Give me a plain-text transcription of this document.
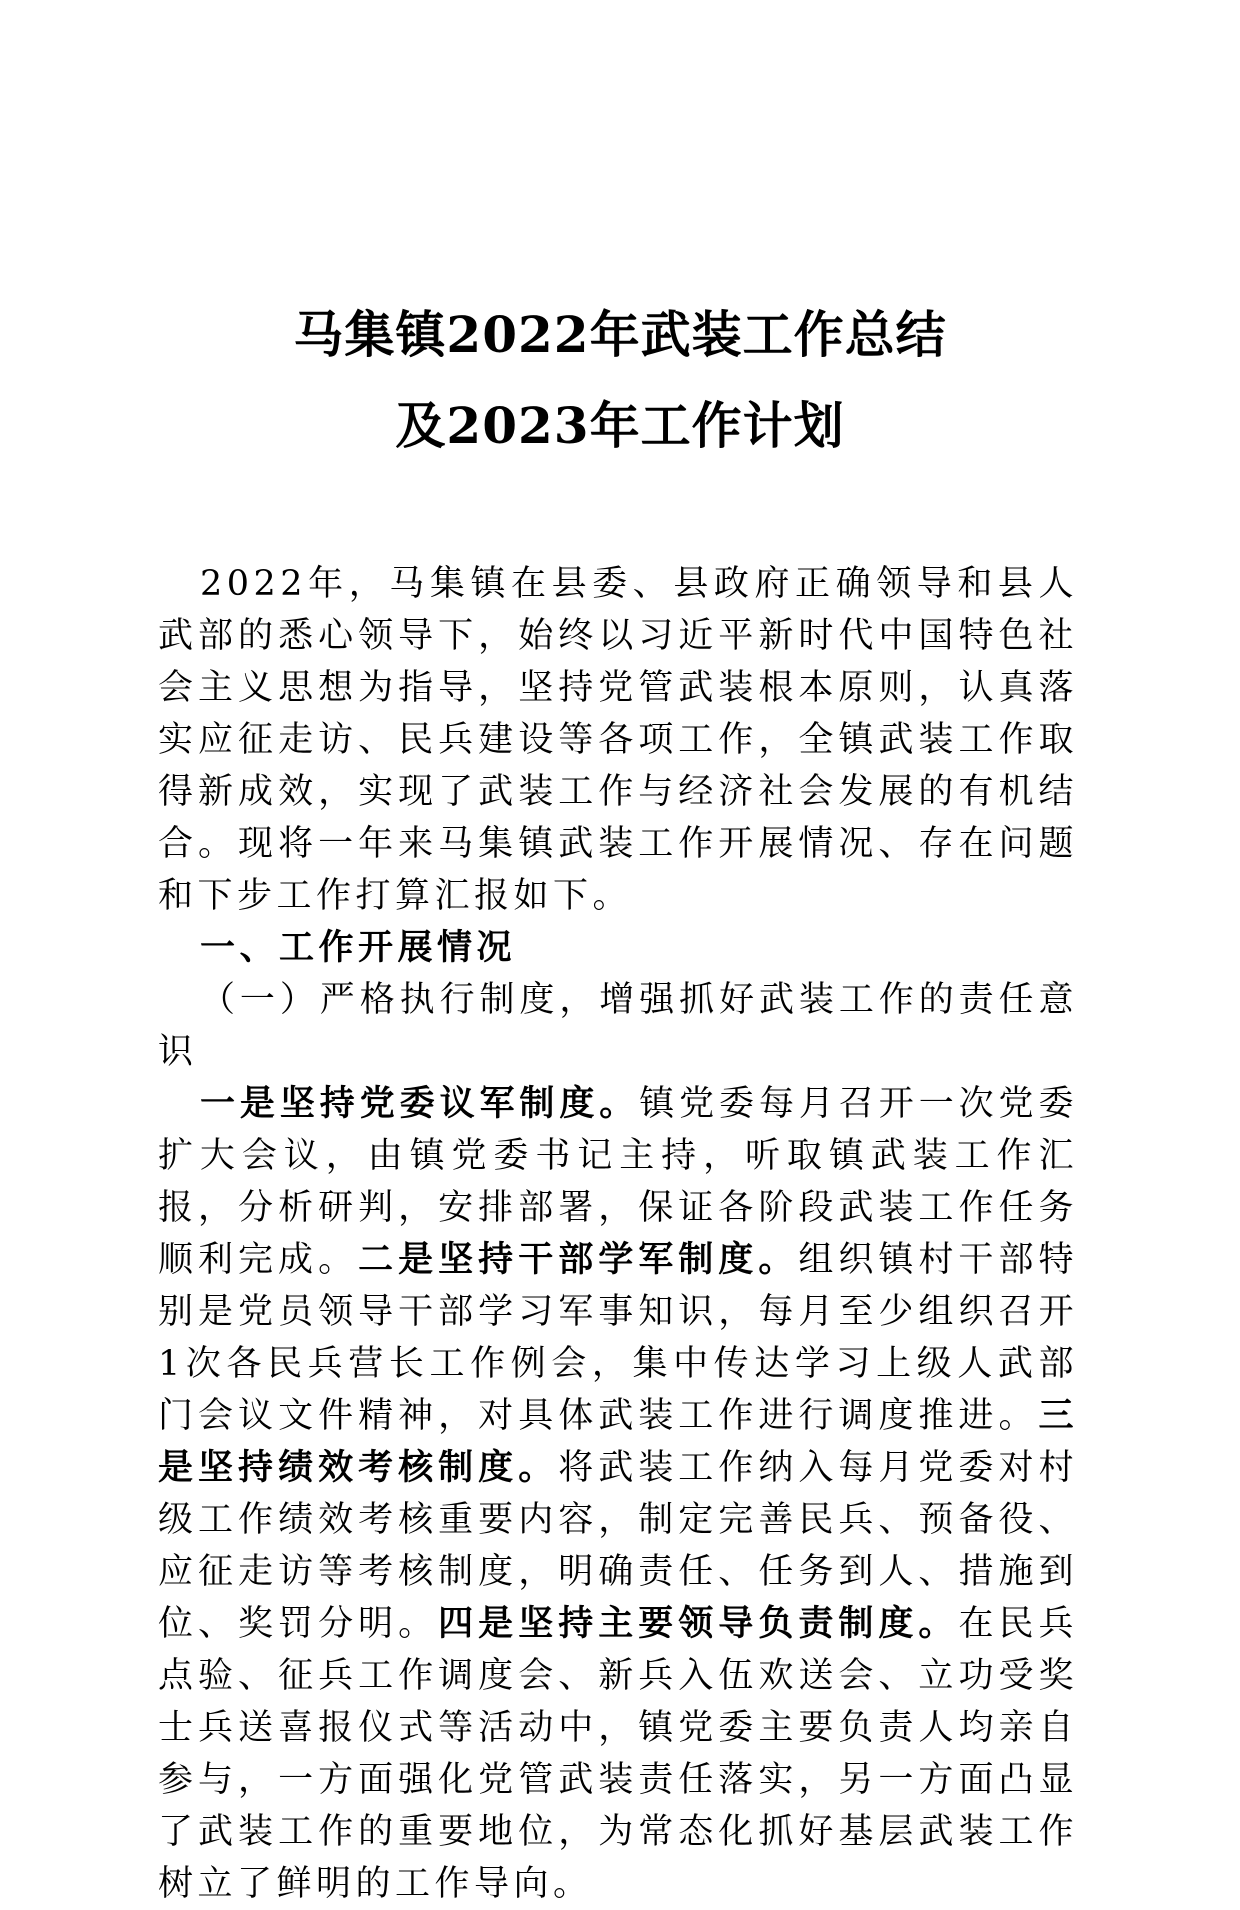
马集镇2022年武装工作总结
及2023年工作计划

2022年，马集镇在县委、县政府正确领导和县人武部的悉心领导下，始终以习近平新时代中国特色社会主义思想为指导，坚持党管武装根本原则，认真落实应征走访、民兵建设等各项工作，全镇武装工作取得新成效，实现了武装工作与经济社会发展的有机结合。现将一年来马集镇武装工作开展情况、存在问题和下步工作打算汇报如下。

一、工作开展情况

（一）严格执行制度，增强抓好武装工作的责任意识

一是坚持党委议军制度。镇党委每月召开一次党委扩大会议，由镇党委书记主持，听取镇武装工作汇报，分析研判，安排部署，保证各阶段武装工作任务顺利完成。二是坚持干部学军制度。组织镇村干部特别是党员领导干部学习军事知识，每月至少组织召开1次各民兵营长工作例会，集中传达学习上级人武部门会议文件精神，对具体武装工作进行调度推进。三是坚持绩效考核制度。将武装工作纳入每月党委对村级工作绩效考核重要内容，制定完善民兵、预备役、应征走访等考核制度，明确责任、任务到人、措施到位、奖罚分明。四是坚持主要领导负责制度。在民兵点验、征兵工作调度会、新兵入伍欢送会、立功受奖士兵送喜报仪式等活动中，镇党委主要负责人均亲自参与，一方面强化党管武装责任落实，另一方面凸显了武装工作的重要地位，为常态化抓好基层武装工作树立了鲜明的工作导向。
